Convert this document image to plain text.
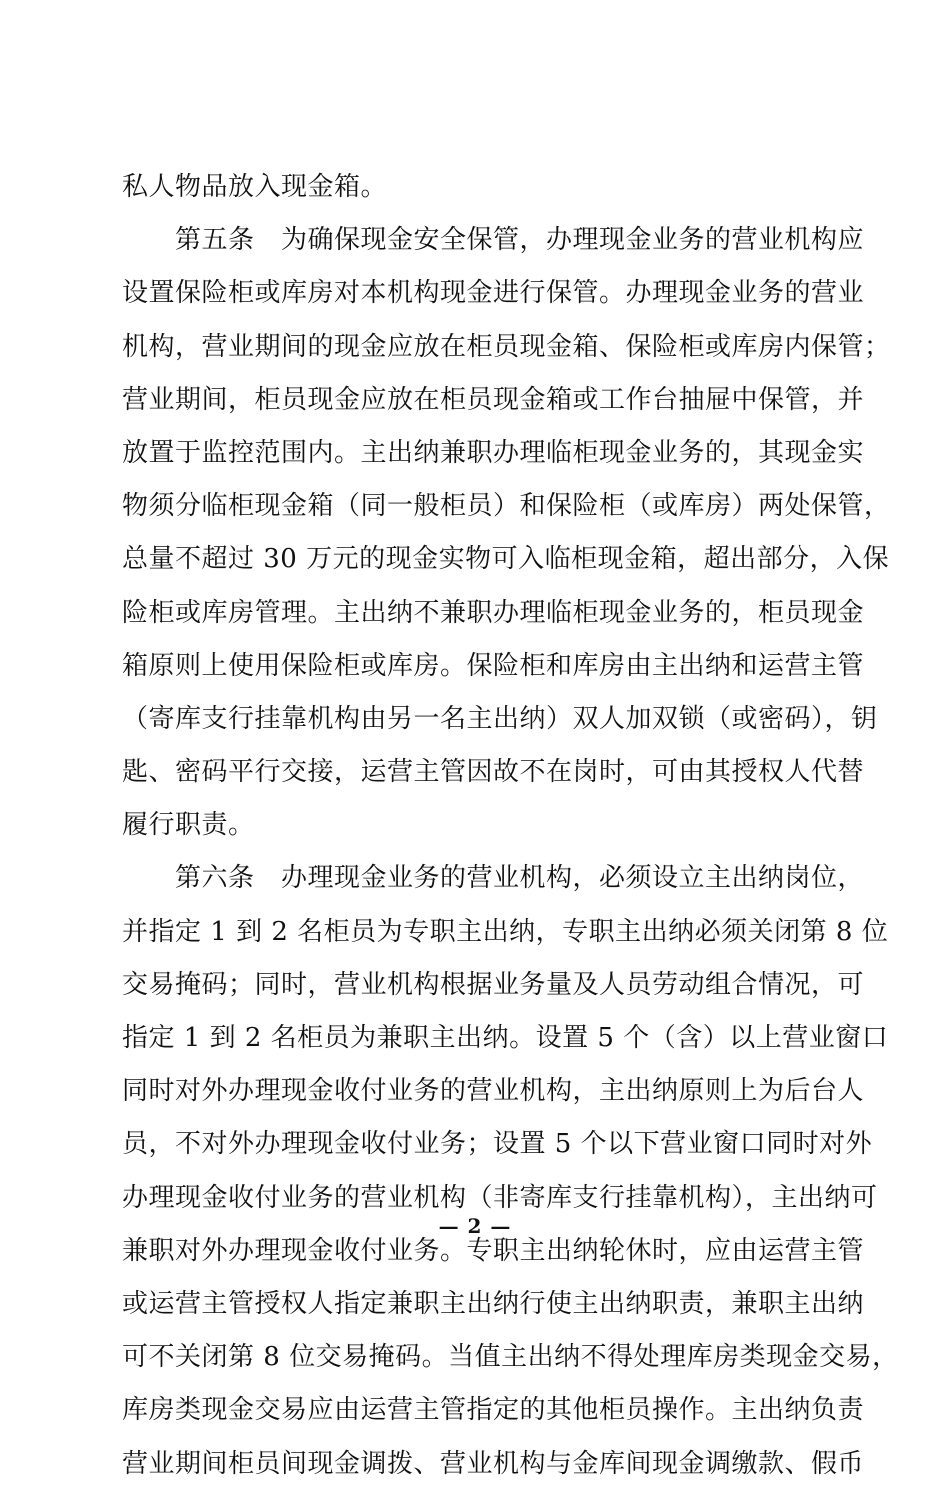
私人物品放入现金箱。
　　第五条　为确保现金安全保管，办理现金业务的营业机构应
设置保险柜或库房对本机构现金进行保管。办理现金业务的营业
机构，营业期间的现金应放在柜员现金箱、保险柜或库房内保管；
营业期间，柜员现金应放在柜员现金箱或工作台抽屉中保管，并
放置于监控范围内。主出纳兼职办理临柜现金业务的，其现金实
物须分临柜现金箱（同一般柜员）和保险柜（或库房）两处保管，
总量不超过 30 万元的现金实物可入临柜现金箱，超出部分，入保
险柜或库房管理。主出纳不兼职办理临柜现金业务的，柜员现金
箱原则上使用保险柜或库房。保险柜和库房由主出纳和运营主管
（寄库支行挂靠机构由另一名主出纳）双人加双锁（或密码），钥
匙、密码平行交接，运营主管因故不在岗时，可由其授权人代替
履行职责。
　　第六条　办理现金业务的营业机构，必须设立主出纳岗位，
并指定 1 到 2 名柜员为专职主出纳，专职主出纳必须关闭第 8 位
交易掩码；同时，营业机构根据业务量及人员劳动组合情况，可
指定 1 到 2 名柜员为兼职主出纳。设置 5 个（含）以上营业窗口
同时对外办理现金收付业务的营业机构，主出纳原则上为后台人
员，不对外办理现金收付业务；设置 5 个以下营业窗口同时对外
办理现金收付业务的营业机构（非寄库支行挂靠机构），主出纳可
兼职对外办理现金收付业务。专职主出纳轮休时，应由运营主管
或运营主管授权人指定兼职主出纳行使主出纳职责，兼职主出纳
可不关闭第 8 位交易掩码。当值主出纳不得处理库房类现金交易，
库房类现金交易应由运营主管指定的其他柜员操作。主出纳负责
营业期间柜员间现金调拨、营业机构与金库间现金调缴款、假币
— 2 —
